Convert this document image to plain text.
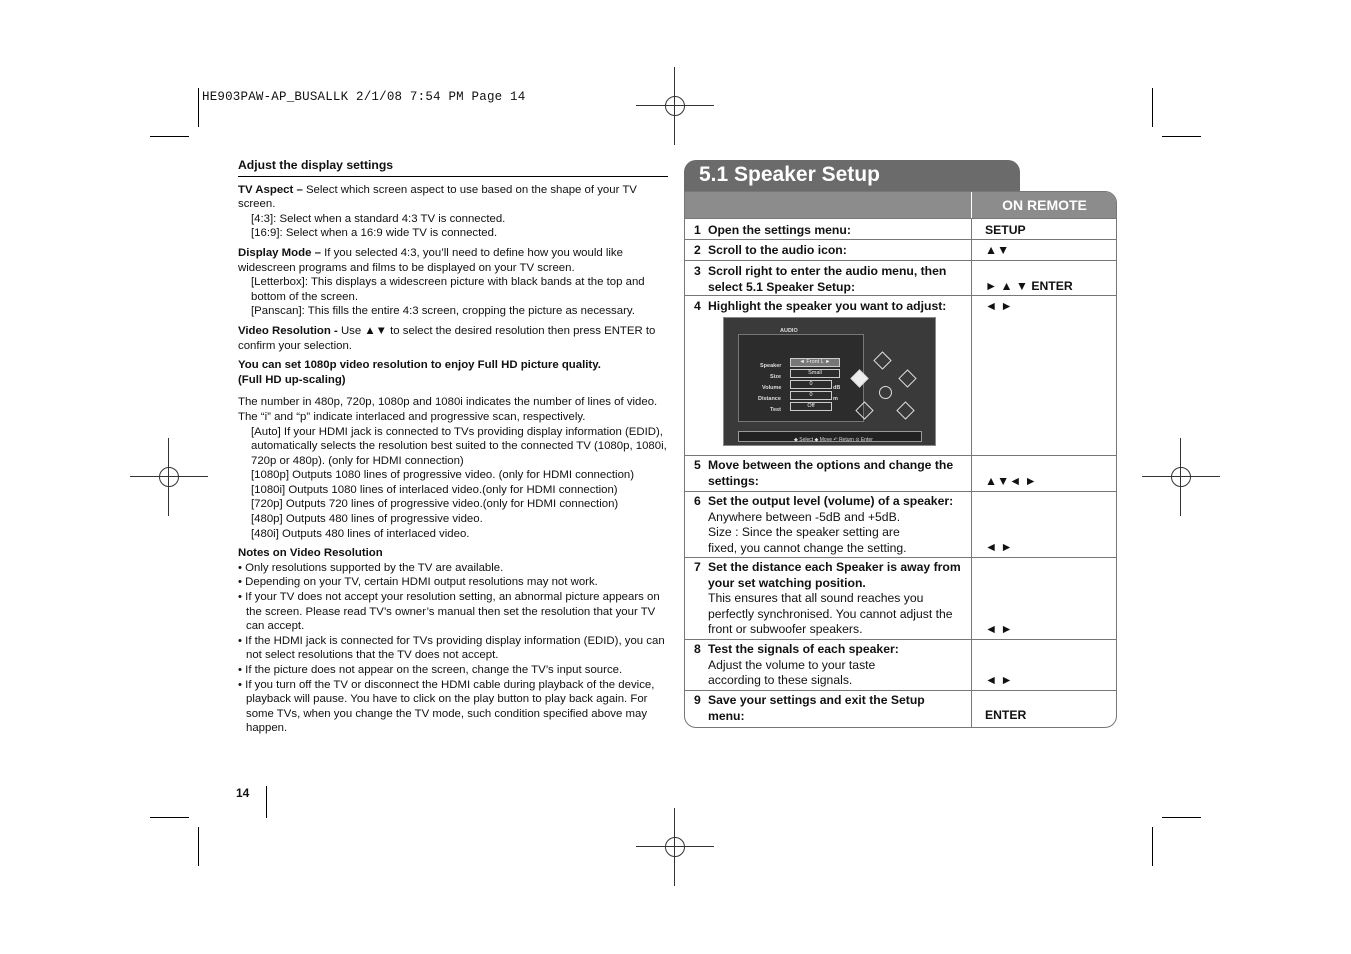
HE903PAW-AP_BUSALLK 2/1/08 7:54 PM Page 14
Adjust the display settings

TV Aspect – Select which screen aspect to use based on the shape of your TV screen.

[4:3]: Select when a standard 4:3 TV is connected.

[16:9]: Select when a 16:9 wide TV is connected.

Display Mode – If you selected 4:3, you’ll need to define how you would like widescreen programs and films to be displayed on your TV screen.

[Letterbox]: This displays a widescreen picture with black bands at the top and bottom of the screen.

[Panscan]: This fills the entire 4:3 screen, cropping the picture as necessary.

Video Resolution - Use ▲▼ to select the desired resolution then press ENTER to confirm your selection.

You can set 1080p video resolution to enjoy Full HD picture quality.

(Full HD up-scaling)

The number in 480p, 720p, 1080p and 1080i indicates the number of lines of video. The “i” and “p” indicate interlaced and progressive scan, respectively.

[Auto] If your HDMI jack is connected to TVs providing display information (EDID), automatically selects the resolution best suited to the connected TV (1080p, 1080i, 720p or 480p). (only for HDMI connection)

[1080p] Outputs 1080 lines of progressive video. (only for HDMI connection)

[1080i] Outputs 1080 lines of interlaced video.(only for HDMI connection)

[720p] Outputs 720 lines of progressive video.(only for HDMI connection)

[480p] Outputs 480 lines of progressive video.

[480i] Outputs 480 lines of interlaced video.

Notes on Video Resolution

• Only resolutions supported by the TV are available.

• Depending on your TV, certain HDMI output resolutions may not work.

• If your TV does not accept your resolution setting, an abnormal picture appears on the screen. Please read TV’s owner’s manual then set the resolution that your TV can accept.

• If the HDMI jack is connected for TVs providing display information (EDID), you can not select resolutions that the TV does not accept.

• If the picture does not appear on the screen, change the TV’s input source.

• If you turn off the TV or disconnect the HDMI cable during playback of the device, playback will pause. You have to click on the play button to play back again. For some TVs, when you change the TV mode, such condition specified above may happen.

14
5.1 Speaker Setup
ON REMOTE
1 Open the settings menu:	SETUP
2 Scroll to the audio icon:	▲▼
3 Scroll right to enter the audio menu, then select 5.1 Speaker Setup:	► ▲ ▼ ENTER
4 Highlight the speaker you want to adjust:	◄ ►
AUDIO
Speaker
Size
Volume
Distance
Test
◄ Front L ►
Small
0
0
Off
dB
m
◆ Select ◆ Move ↶ Return ⊙ Enter
5 Move between the options and change the settings:	▲▼◄ ►
6 Set the output level (volume) of a speaker:
Anywhere between -5dB and +5dB. Size : Since the speaker setting are fixed, you cannot change the setting.	◄ ►
7 Set the distance each Speaker is away from your set watching position.
This ensures that all sound reaches you perfectly synchronised. You cannot adjust the front or subwoofer speakers.	◄ ►
8 Test the signals of each speaker:
Adjust the volume to your taste according to these signals.	◄ ►
9 Save your settings and exit the Setup menu:	ENTER
